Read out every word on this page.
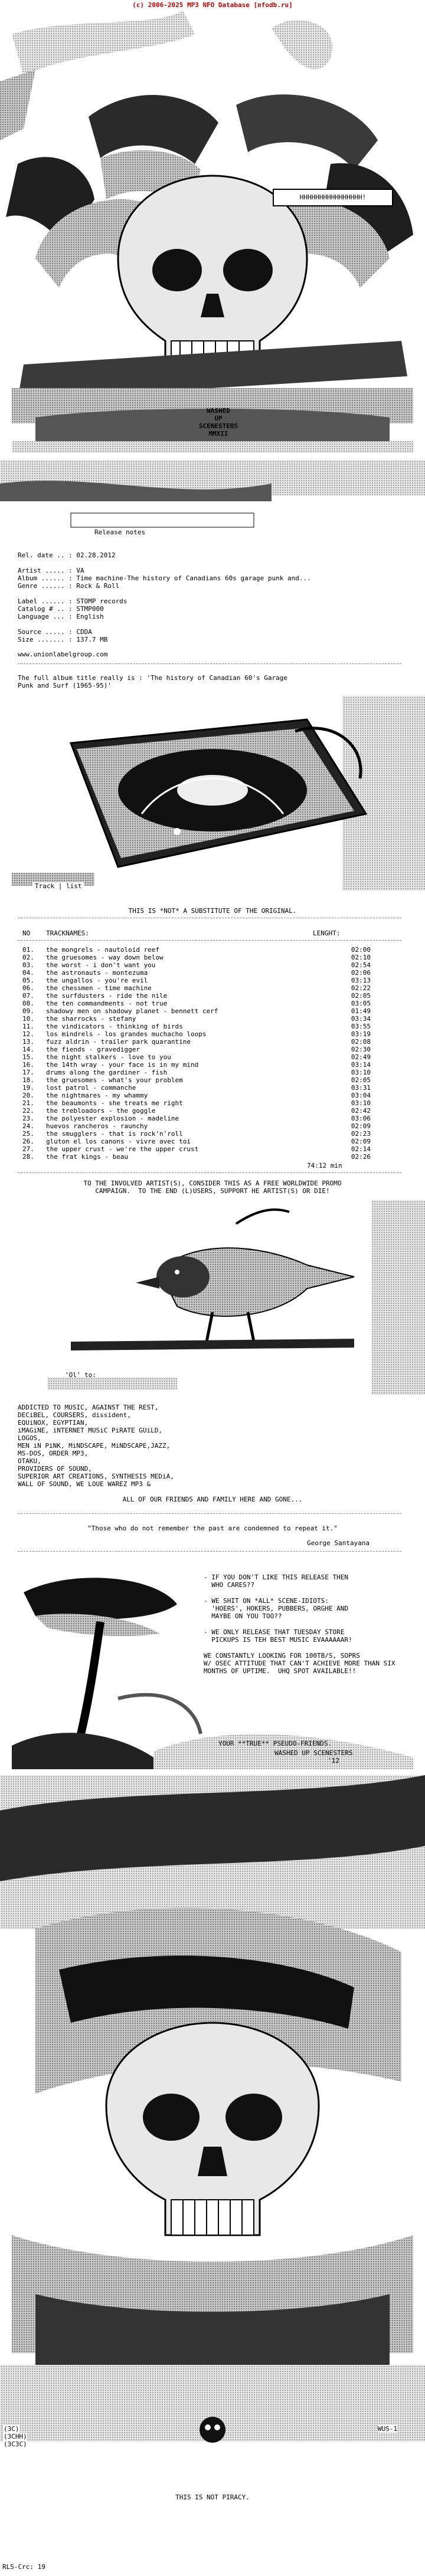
(c) 2006-2025 MP3 NFO Database [nfodb.ru]
HHHHHHHHHHHHHHHH!
WASHED
UP
SCENESTERS
MMXII
Release notes
Rel. date .. : 02.28.2012
Artist ..... : VA
Album ...... : Time machine-The history of Canadians 60s garage punk and...
Genre ...... : Rock & Roll
Label ...... : STOMP records
Catalog # .. : STMP000
Language ... : English
Source ..... : CDDA
Size ....... : 137.7 MB
www.unionlabelgroup.com
The full album title really is : 'The history of Canadian 60's Garage
Punk and Surf (1965-95)'
Track | list
THIS IS *NOT* A SUBSTITUTE OF THE ORIGINAL.
NO TRACKNAMES:	LENGHT:
01.	the mongrels - nautoloid reef	02:00
02.	the gruesomes - way down below	02:10
03.	the worst - i don't want you	02:54
04.	the astronauts - montezuma	02:06
05.	the ungallos - you're evil	03:13
06.	the chessmen - time machine	02:22
07.	the surfdusters - ride the nile	02:05
08.	the ten commandments - not true	03:05
09.	shadowy men on shadowy planet - bennett cerf	01:49
10.	the sharrocks - stefany	03:34
11.	the vindicators - thinking of birds	03:55
12.	los mindrels - los grandes muchacho loops	03:19
13.	fuzz aldrin - trailer park quarantine	02:08
14.	the fiends - gravedigger	02:30
15.	the night stalkers - love to you	02:49
16.	the 14th wray - your face is in my mind	03:14
17.	drums along the gardiner - fish	03:10
18.	the gruesomes - what's your problem	02:05
19.	lost patrol - commanche	03:31
20.	the nightmares - my whammy	03:04
21.	the beaumonts - she treats me right	03:10
22.	the trebloadors - the goggle	02:42
23.	the polyester explosion - madeline	03:06
24.	huevos rancheros - raunchy	02:09
25.	the smugglers - that is rock'n'roll	02:23
26.	gluton el los canons - vivre avec toi	02:09
27.	the upper crust - we're the upper crust	02:14
28.	the frat kings - beau	02:26
74:12 min
TO THE INVOLVED ARTIST(S), CONSIDER THIS AS A FREE WORLDWIDE PROMO
CAMPAIGN.  TO THE END (L)USERS, SUPPORT HE ARTIST(S) OR DIE!
'Ol' to:
ADDICTED TO MUSIC, AGAINST THE REST,
DECiBEL, COURSERS, dissident,
EQUiNOX, EGYPTIAN,
iMAGiNE, iNTERNET MUSiC PiRATE GUiLD,
LOGOS,
MEN iN PiNK, MiNDSCAPE, MiNDSCAPE,JAZZ,
MS-DOS, ORDER MP3,
OTAKU,
PROVIDERS OF SOUND,
SUPERIOR ART CREATIONS, SYNTHESIS MEDiA,
WALL OF SOUND, WE LOUE WAREZ MP3 &
ALL OF OUR FRIENDS AND FAMILY HERE AND GONE...
"Those who do not remember the past are condemned to repeat it."
George Santayana
- IF YOU DON'T LIKE THIS RELEASE THEN
WHO CARES??
- WE SHIT ON *ALL* SCENE-IDIOTS:
'HOERS', HOKERS, PUBBERS, ORGHE AND
MAYBE ON YOU TOO??
- WE ONLY RELEASE THAT TUESDAY STORE
PICKUPS IS TEH BEST MUSIC EVAAAAAAR!
WE CONSTANTLY LOOKING FOR 100TB/S, SOPRS
W/ OSEC ATTITUDE THAT CAN'T ACHIEVE MORE THAN SIX
MONTHS OF UPTIME.  UHQ SPOT AVAILABLE!!
YOUR **TRUE** PSEUDO-FRIENDS.
WASHED UP SCENESTERS
'12
(3C)
(3CHH)
(3C3C)
WUS-1
THIS IS NOT PIRACY.
RLS-Crc: 19
